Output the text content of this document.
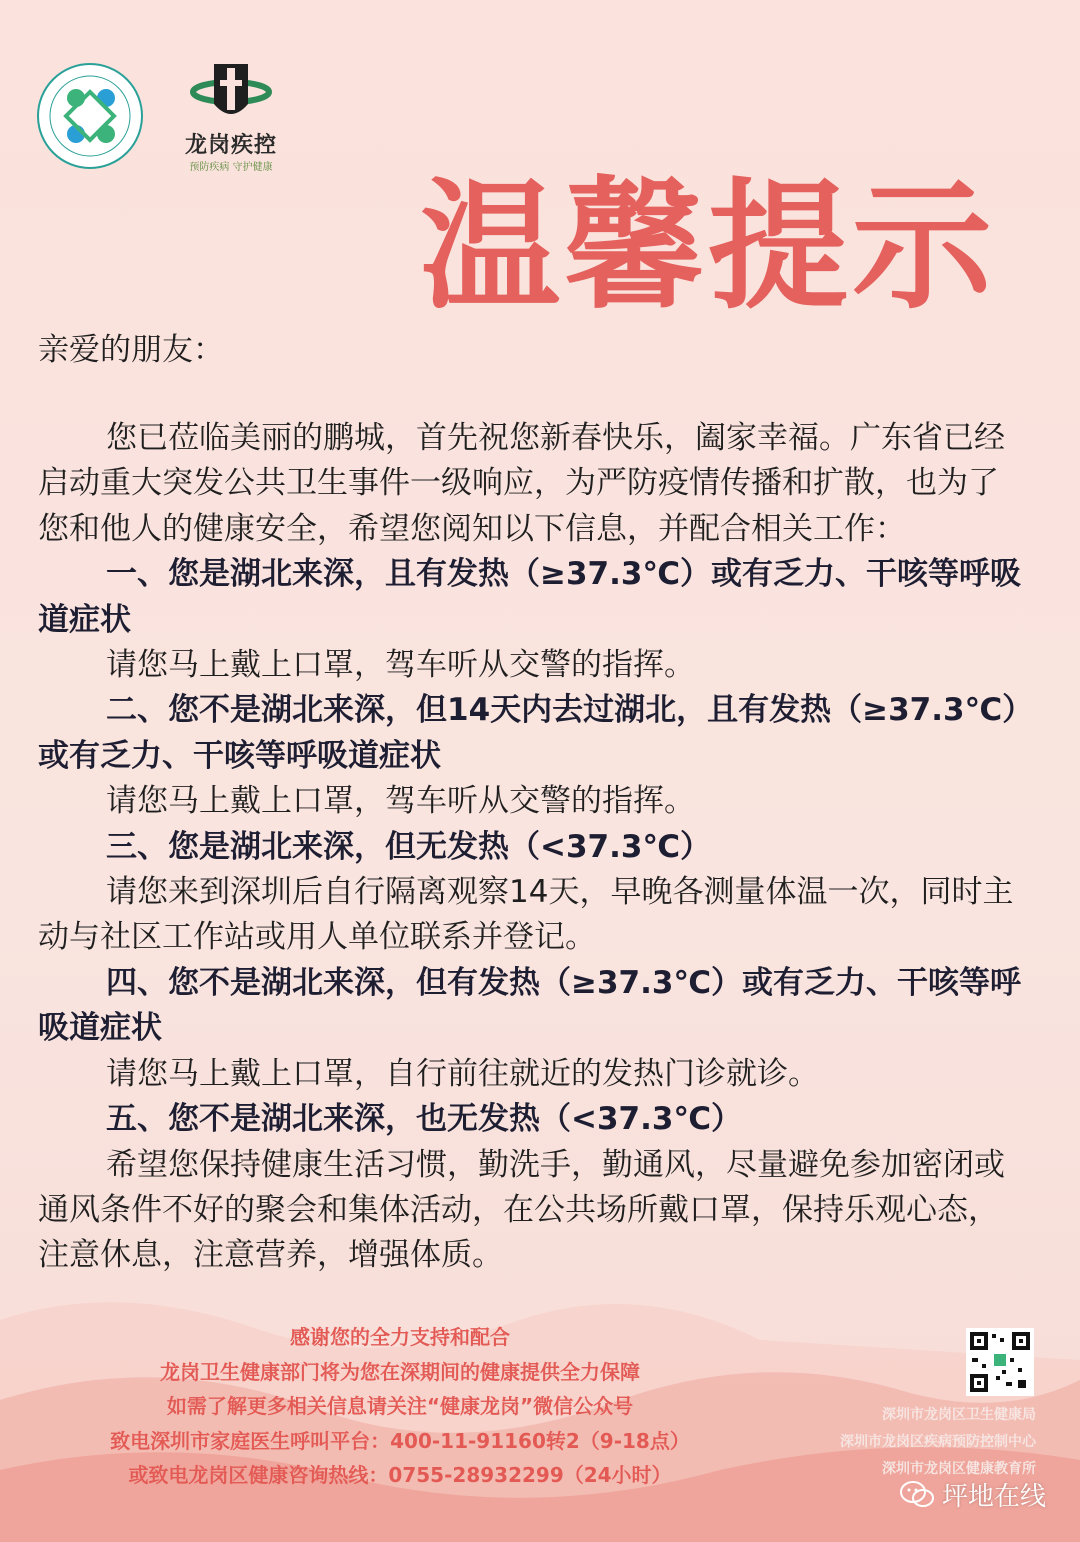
龙岗疾控
预防疾病 守护健康 温馨提示
亲爱的朋友：

您已莅临美丽的鹏城，首先祝您新春快乐，阖家幸福。广东省已经启动重大突发公共卫生事件一级响应，为严防疫情传播和扩散，也为了您和他人的健康安全，希望您阅知以下信息，并配合相关工作：

一、您是湖北来深，且有发热（≥37.3℃）或有乏力、干咳等呼吸道症状

请您马上戴上口罩，驾车听从交警的指挥。

二、您不是湖北来深，但14天内去过湖北，且有发热（≥37.3℃）或有乏力、干咳等呼吸道症状

请您马上戴上口罩，驾车听从交警的指挥。

三、您是湖北来深，但无发热（<37.3℃）

请您来到深圳后自行隔离观察14天，早晚各测量体温一次，同时主动与社区工作站或用人单位联系并登记。

四、您不是湖北来深，但有发热（≥37.3℃）或有乏力、干咳等呼吸道症状

请您马上戴上口罩，自行前往就近的发热门诊就诊。

五、您不是湖北来深，也无发热（<37.3℃）

希望您保持健康生活习惯，勤洗手，勤通风，尽量避免参加密闭或通风条件不好的聚会和集体活动，在公共场所戴口罩，保持乐观心态，注意休息，注意营养，增强体质。

感谢您的全力支持和配合
龙岗卫生健康部门将为您在深期间的健康提供全力保障
如需了解更多相关信息请关注“健康龙岗”微信公众号
致电深圳市家庭医生呼叫平台：400-11-91160转2（9-18点）
或致电龙岗区健康咨询热线：0755-28932299（24小时）
深圳市龙岗区卫生健康局
深圳市龙岗区疾病预防控制中心
深圳市龙岗区健康教育所
坪地在线
